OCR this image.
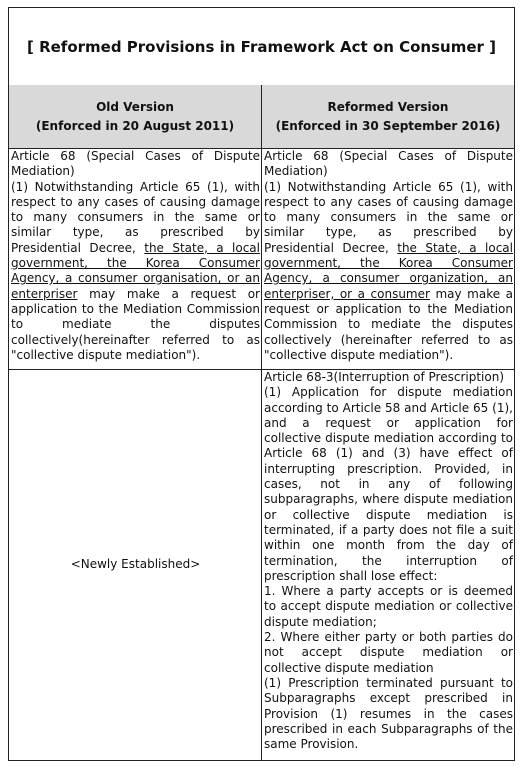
[ Reformed Provisions in Framework Act on Consumer ]
Old Version
(Enforced in 20 August 2011)
Reformed Version
(Enforced in 30 September 2016)

Article 68 (Special Cases of Dispute Mediation)

(1) Notwithstanding Article 65 (1), with respect to any cases of causing damage to many consumers in the same or similar type, as prescribed by Presidential Decree, the State, a local government, the Korea Consumer Agency, a consumer organisation, or an enterpriser may make a request or application to the Mediation Commission to mediate the disputes collectively(hereinafter referred to as "collective dispute mediation").

Article 68 (Special Cases of Dispute Mediation)

(1) Notwithstanding Article 65 (1), with respect to any cases of causing damage to many consumers in the same or similar type, as prescribed by Presidential Decree, the State, a local government, the Korea Consumer Agency, a consumer organization, an enterpriser, or a consumer may make a request or application to the Mediation Commission to mediate the disputes collectively (hereinafter referred to as "collective dispute mediation").

<Newly Established>

Article 68-3(Interruption of Prescription)

(1) Application for dispute mediation according to Article 58 and Article 65 (1), and a request or application for collective dispute mediation according to Article 68 (1) and (3) have effect of interrupting prescription. Provided, in cases, not in any of following subparagraphs, where dispute mediation or collective dispute mediation is terminated, if a party does not file a suit within one month from the day of termination, the interruption of prescription shall lose effect:

1. Where a party accepts or is deemed to accept dispute mediation or collective dispute mediation;

2. Where either party or both parties do not accept dispute mediation or collective dispute mediation

(1) Prescription terminated pursuant to Subparagraphs except prescribed in Provision (1) resumes in the cases prescribed in each Subparagraphs of the same Provision.
